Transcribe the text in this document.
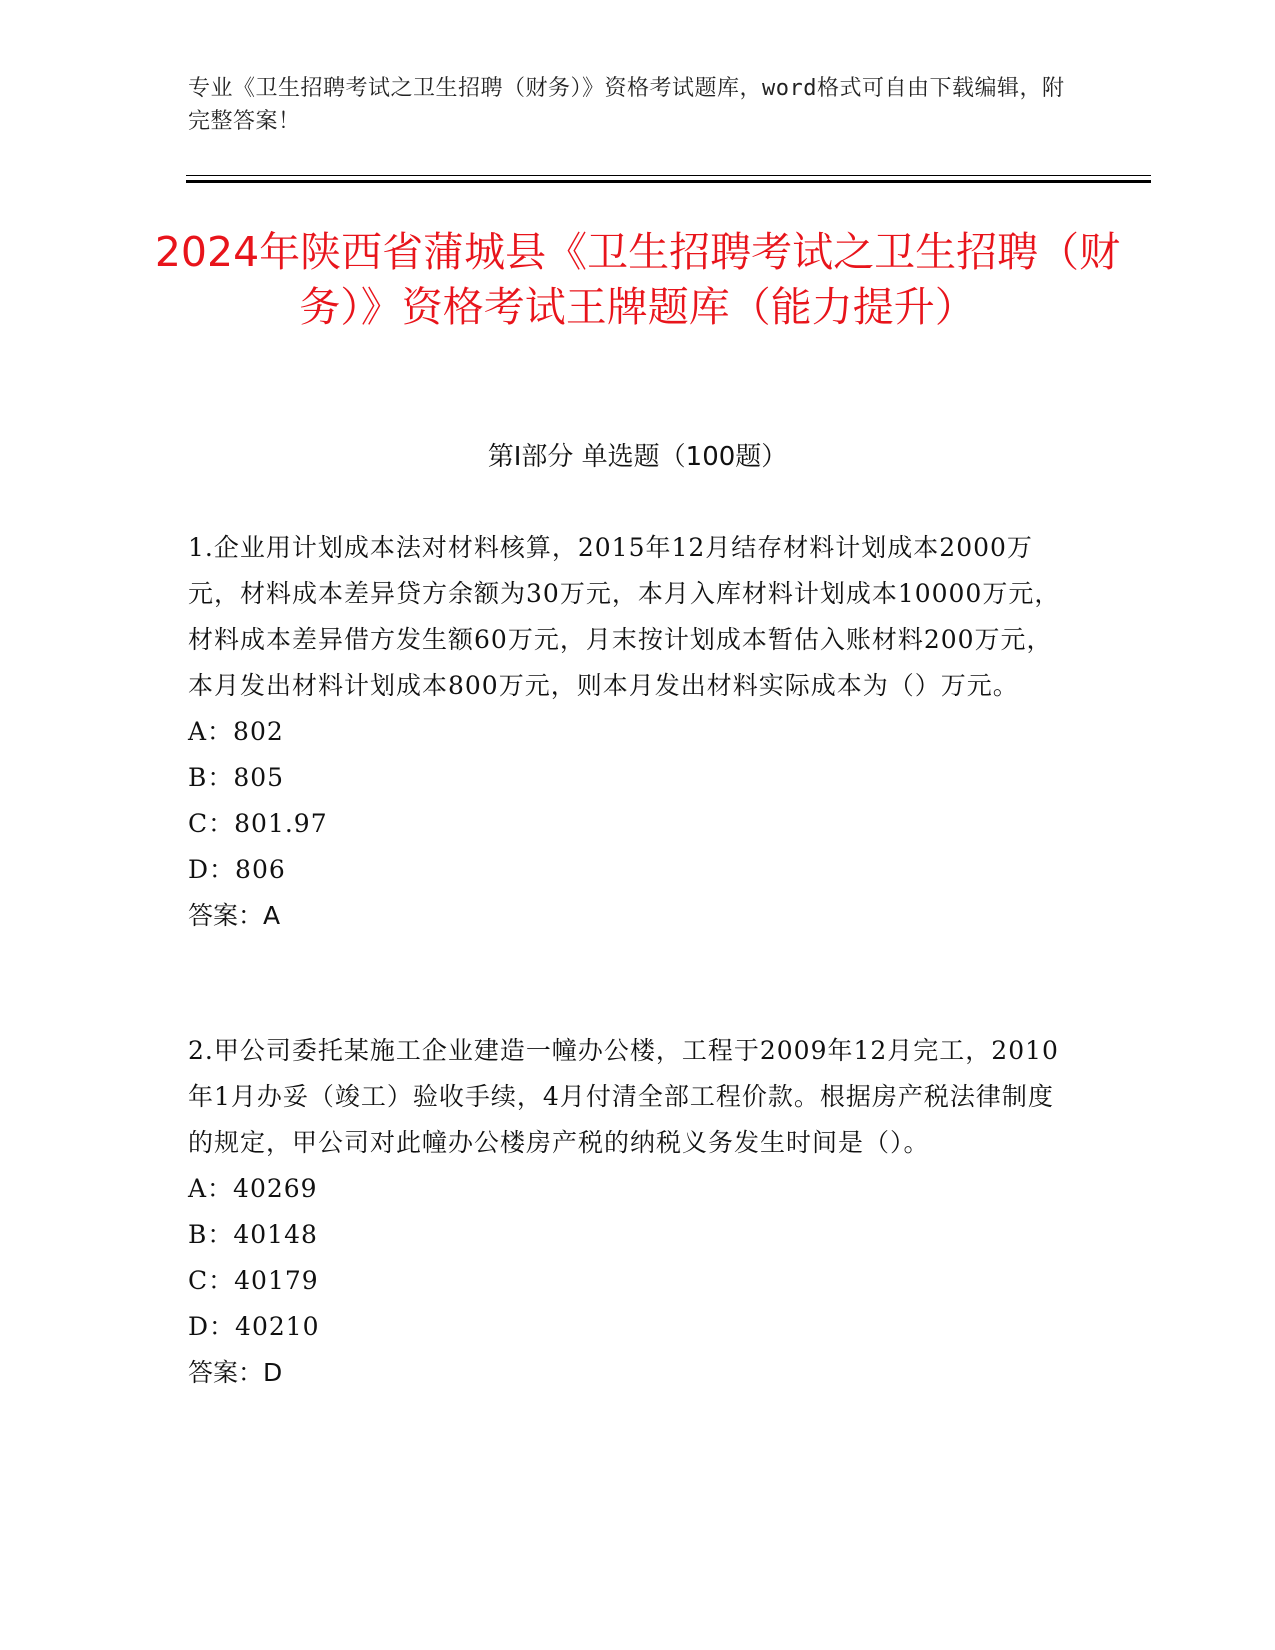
专业《卫生招聘考试之卫生招聘（财务）》资格考试题库，word格式可自由下载编辑，附完整答案！
2024年陕西省蒲城县《卫生招聘考试之卫生招聘（财务）》资格考试王牌题库（能力提升）
第I部分 单选题（100题）
1.企业用计划成本法对材料核算，2015年12月结存材料计划成本2000万元，材料成本差异贷方余额为30万元，本月入库材料计划成本10000万元，材料成本差异借方发生额60万元，月末按计划成本暂估入账材料200万元，本月发出材料计划成本800万元，则本月发出材料实际成本为（）万元。
A：802
B：805
C：801.97
D：806
答案：A
2.甲公司委托某施工企业建造一幢办公楼，工程于2009年12月完工，2010年1月办妥（竣工）验收手续，4月付清全部工程价款。根据房产税法律制度的规定，甲公司对此幢办公楼房产税的纳税义务发生时间是（）。
A：40269
B：40148
C：40179
D：40210
答案：D
